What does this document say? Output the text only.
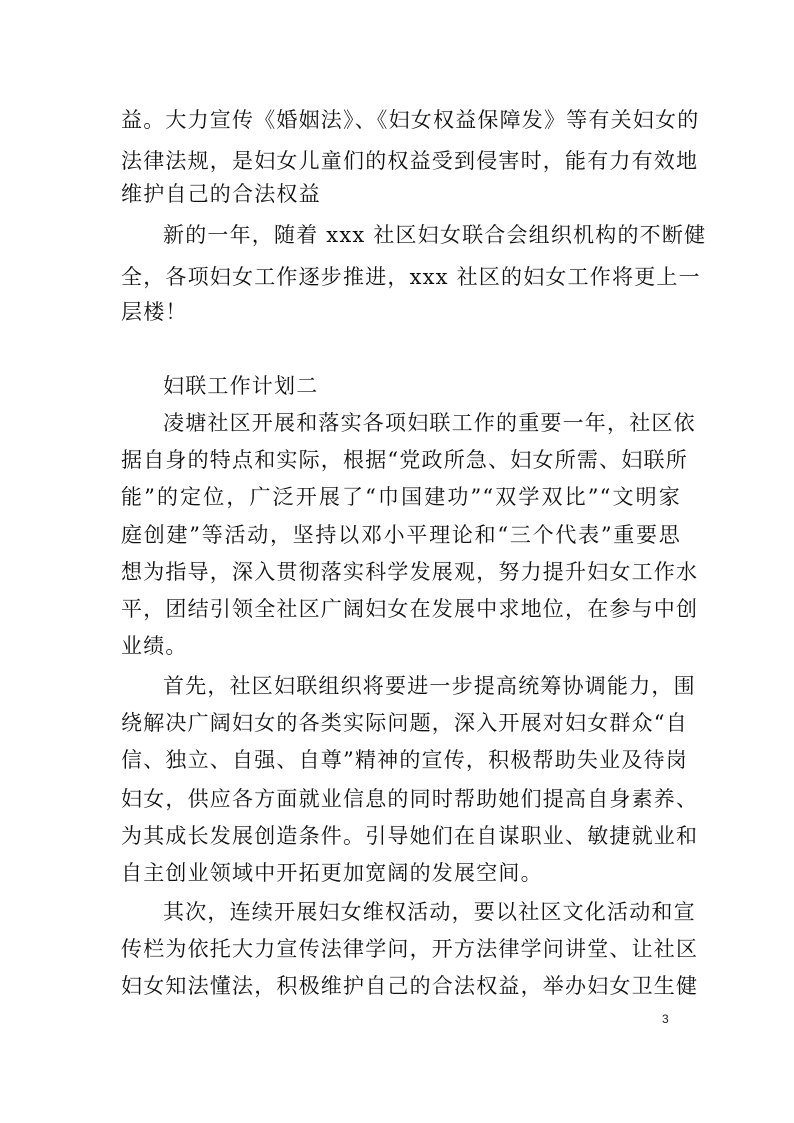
益。大力宣传《婚姻法》、《妇女权益保障发》等有关妇女的
法律法规，是妇女儿童们的权益受到侵害时，能有力有效地
维护自己的合法权益
新的一年，随着 xxx 社区妇女联合会组织机构的不断健
全，各项妇女工作逐步推进，xxx 社区的妇女工作将更上一
层楼！
妇联工作计划二
凌塘社区开展和落实各项妇联工作的重要一年，社区依
据自身的特点和实际，根据“党政所急、妇女所需、妇联所
能”的定位，广泛开展了“巾国建功”“双学双比”“文明家
庭创建”等活动，坚持以邓小平理论和“三个代表”重要思
想为指导，深入贯彻落实科学发展观，努力提升妇女工作水
平，团结引领全社区广阔妇女在发展中求地位，在参与中创
业绩。
首先，社区妇联组织将要进一步提高统筹协调能力，围
绕解决广阔妇女的各类实际问题，深入开展对妇女群众“自
信、独立、自强、自尊”精神的宣传，积极帮助失业及待岗
妇女，供应各方面就业信息的同时帮助她们提高自身素养、
为其成长发展创造条件。引导她们在自谋职业、敏捷就业和
自主创业领域中开拓更加宽阔的发展空间。
其次，连续开展妇女维权活动，要以社区文化活动和宣
传栏为依托大力宣传法律学问，开方法律学问讲堂、让社区
妇女知法懂法，积极维护自己的合法权益，举办妇女卫生健
3
